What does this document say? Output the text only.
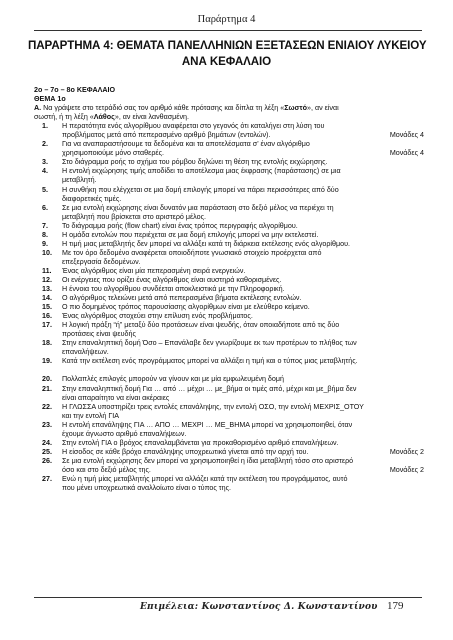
Παράρτημα 4
ΠΑΡΑΡΤΗΜΑ 4: ΘΕΜΑΤΑ ΠΑΝΕΛΛΗΝΙΩΝ ΕΞΕΤΑΣΕΩΝ ΕΝΙΑΙΟΥ ΛΥΚΕΙΟΥ
ΑΝΑ ΚΕΦΑΛΑΙΟ
2ο – 7ο – 8ο ΚΕΦΑΛΑΙΟ
ΘΕΜΑ 1ο
Α. Να γράψετε στο τετράδιό σας τον αριθμό κάθε πρότασης και δίπλα τη λέξη «Σωστό», αν είναι
σωστή, ή τη λέξη «Λάθος», αν είναι λανθασμένη.
1.	Η περατότητα ενός αλγορίθμου αναφέρεται στο γεγονός ότι καταλήγει στη λύση του
προβλήματος μετά από πεπερασμένο αριθμό βημάτων (εντολών).	Μονάδες 4
2.	Για να αναπαραστήσουμε τα δεδομένα και τα αποτελέσματα σ’ έναν αλγόριθμο
χρησιμοποιούμε μόνο σταθερές.	Μονάδες 4
3.	Στο διάγραμμα ροής το σχήμα του ρόμβου δηλώνει τη θέση της εντολής εκχώρησης.
4.	Η εντολή εκχώρησης τιμής αποδίδει το αποτέλεσμα μιας έκφρασης (παράστασης) σε μια
μεταβλητή.
5.	Η συνθήκη που ελέγχεται σε μια δομή επιλογής μπορεί να πάρει περισσότερες από δύο
διαφορετικές τιμές.
6.	Σε μια εντολή εκχώρησης είναι δυνατόν μια παράσταση στο δεξιό μέλος να περιέχει τη
μεταβλητή που βρίσκεται στο αριστερό μέλος.
7.	Το διάγραμμα ροής (flow chart) είναι ένας τρόπος περιγραφής αλγορίθμου.
8.	Η ομάδα εντολών που περιέχεται σε μια δομή επιλογής μπορεί να μην εκτελεστεί.
9.	Η τιμή μιας μεταβλητής δεν μπορεί να αλλάξει κατά τη διάρκεια εκτέλεσης ενός αλγορίθμου.
10.	Με τον όρο δεδομένο αναφέρεται οποιοδήποτε γνωσιακό στοιχείο προέρχεται από
επεξεργασία δεδομένων.
11.	Ένας αλγόριθμος είναι μία πεπερασμένη σειρά ενεργειών.
12.	Οι ενέργειες που ορίζει ένας αλγόριθμος είναι αυστηρά καθορισμένες.
13.	Η έννοια του αλγορίθμου συνδέεται αποκλειστικά με την Πληροφορική.
14.	Ο αλγόριθμος τελειώνει μετά από πεπερασμένα βήματα εκτέλεσης εντολών.
15.	Ο πιο δομημένος τρόπος παρουσίασης αλγορίθμων είναι με ελεύθερο κείμενο.
16.	Ένας αλγόριθμος στοχεύει στην επίλυση ενός προβλήματος.
17.	Η λογική πράξη “ή” μεταξύ δύο προτάσεων είναι ψευδής, όταν οποιαδήποτε από τις δύο
προτάσεις είναι ψευδής
18.	Στην επαναληπτική δομή Όσο – Επανάλαβε δεν γνωρίζουμε εκ των προτέρων το πλήθος των
επαναλήψεων.
19.	Κατά την εκτέλεση ενός προγράμματος μπορεί να αλλάξει η τιμή και ο τύπος μιας μεταβλητής.
20.	Πολλαπλές επιλογές μπορούν να γίνουν και με μία εμφωλευμένη δομή
21.	Στην επαναληπτική δομή Για … από … μέχρι … με_βήμα οι τιμές από, μέχρι και με_βήμα δεν
είναι απαραίτητο να είναι ακέραιες
22.	Η ΓΛΩΣΣΑ υποστηρίζει τρεις εντολές επανάληψης, την εντολή ΟΣΟ, την εντολή ΜΕΧΡΙΣ_ΟΤΟΥ
και την εντολή ΓΙΑ
23.	Η εντολή επανάληψης ΓΙΑ … ΑΠΟ … ΜΕΧΡΙ … ΜΕ_ΒΗΜΑ μπορεί να χρησιμοποιηθεί, όταν
έχουμε άγνωστο αριθμό επαναλήψεων.
24.	Στην εντολή ΓΙΑ ο βρόχος επαναλαμβάνεται για προκαθορισμένο αριθμό επαναλήψεων.
25.	Η είσοδος σε κάθε βρόχο επανάληψης υποχρεωτικά γίνεται από την αρχή του.	Μονάδες 2
26.	Σε μια εντολή εκχώρησης δεν μπορεί να χρησιμοποιηθεί η ίδια μεταβλητή τόσο στο αριστερό
όσο και στο δεξιό μέλος της.	Μονάδες 2
27.	Ενώ η τιμή μίας μεταβλητής μπορεί να αλλάζει κατά την εκτέλεση του προγράμματος, αυτό
που μένει υποχρεωτικά αναλλοίωτο είναι ο τύπος της.
Επιμέλεια: Κωνσταντίνος Δ. Κωνσταντίνου 179
